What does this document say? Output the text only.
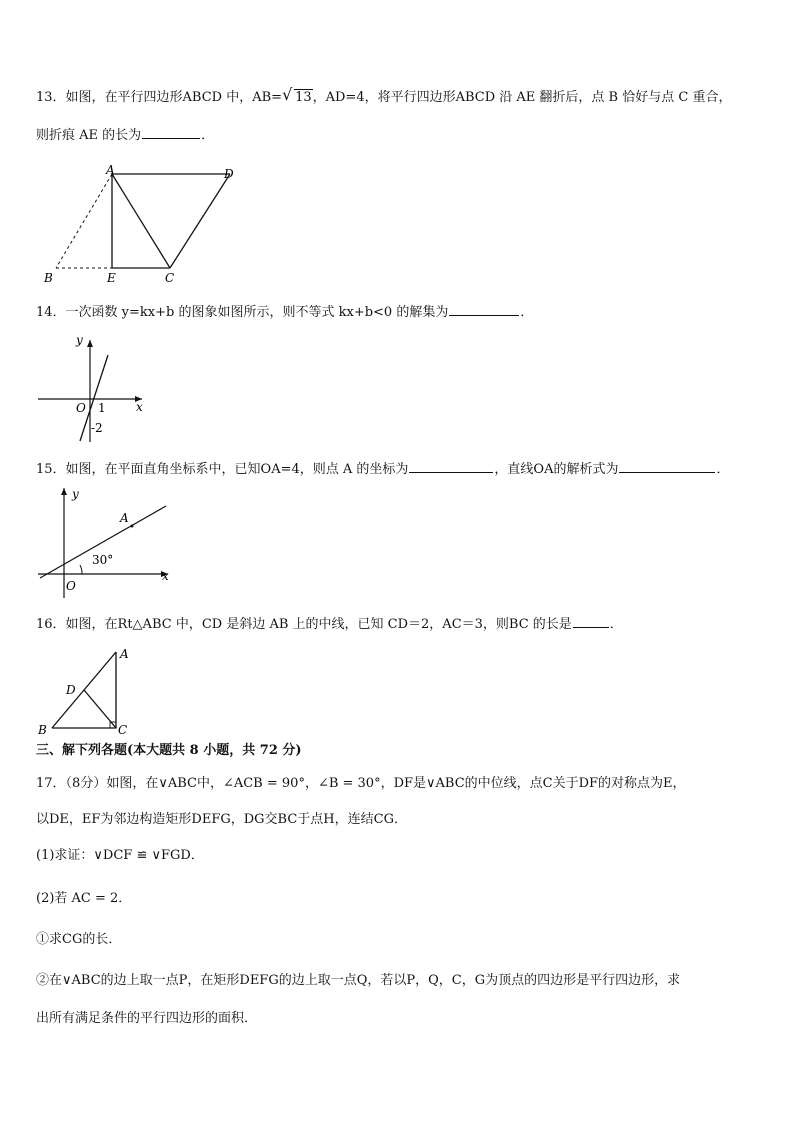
13．如图，在平行四边形ABCD 中，AB= √ 13，AD=4，将平行四边形ABCD 沿 AE 翻折后，点 B 恰好与点 C 重合，
则折痕 AE 的长为	．
A	D
B	E	C
14．一次函数 y=kx+b 的图象如图所示，则不等式 kx+b<0 的解集为	．
x
y
O 1
-2
15．如图，在平面直角坐标系中，已知OA=4，则点 A 的坐标为	，直线OA的解析式为	．
x
y
O
A
30°
16．如图，在Rt△ABC 中，CD 是斜边 AB 上的中线，已知 CD＝2，AC＝3，则BC 的长是	．
A
B	C
D
三、解下列各题(本大题共 8 小题，共 72 分)
17．（8分）如图，在∨ABC中，∠ACB = 90°，∠B = 30°，DF是∨ABC的中位线，点C关于DF的对称点为E，
以DE，EF为邻边构造矩形DEFG，DG交BC于点H，连结CG．
(1)求证：∨DCF ≌ ∨FGD．
(2)若 AC = 2．
①求CG的长．
②在∨ABC的边上取一点P，在矩形DEFG的边上取一点Q，若以P，Q，C，G为顶点的四边形是平行四边形，求
出所有满足条件的平行四边形的面积．
